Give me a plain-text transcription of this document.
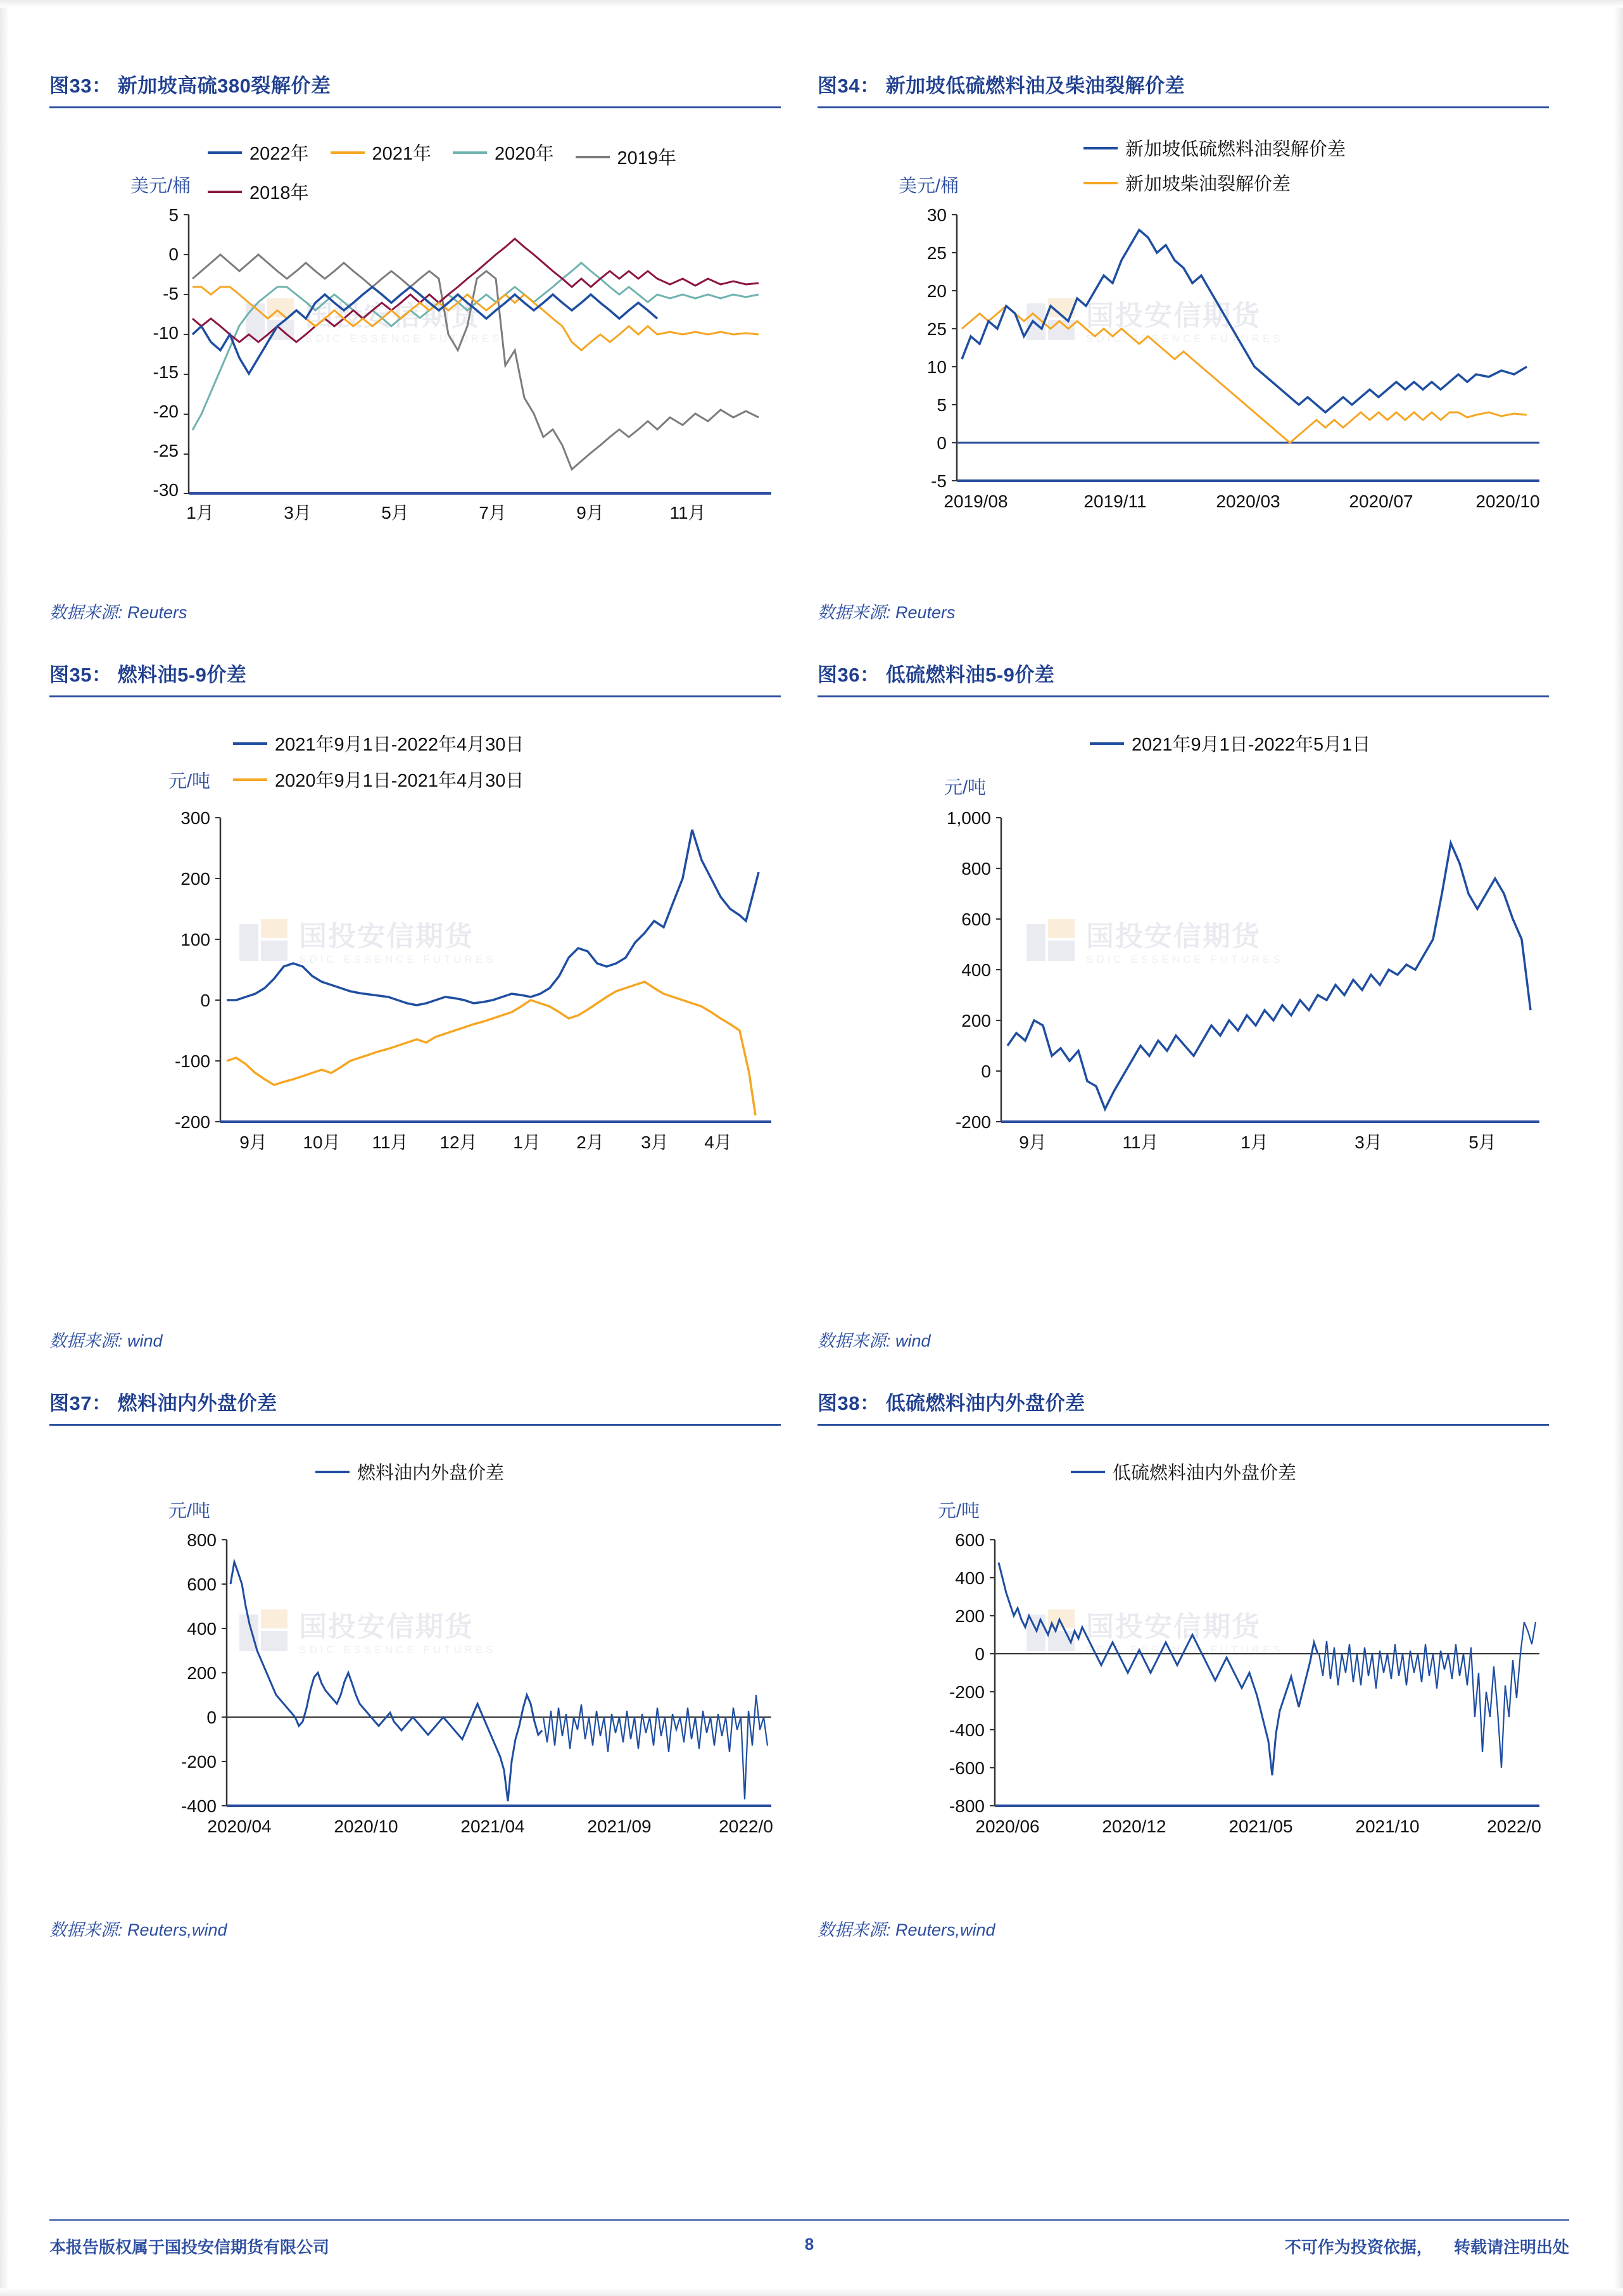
图33： 新加坡高硫380裂解价差
2022年	2021年	2020年	2019年
2018年
美元/桶
国投安信期货
SDIC ESSENCE FUTURES
5
0
-5
-10
-15
-20
-25
-30
1月	3月	5月	7月	9月	11月
数据来源: Reuters
图34： 新加坡低硫燃料油及柴油裂解价差
新加坡低硫燃料油裂解价差
新加坡柴油裂解价差
美元/桶
国投安信期货
SDIC ESSENCE FUTURES
30
25
20
25
10
5
0
-5
2019/08	2019/11	2020/03	2020/07	2020/10
数据来源: Reuters
图35： 燃料油5-9价差
2021年9月1日-2022年4月30日
2020年9月1日-2021年4月30日
元/吨
国投安信期货
SDIC ESSENCE FUTURES
300
200
100
0
-100
-200
9月 10月 11月 12月 1月 2月 3月 4月
数据来源: wind
图36： 低硫燃料油5-9价差
2021年9月1日-2022年5月1日
元/吨
国投安信期货
SDIC ESSENCE FUTURES
1,000
800
600
400
200
0
-200
9月	11月	1月	3月	5月
数据来源: wind
图37： 燃料油内外盘价差
燃料油内外盘价差
元/吨
国投安信期货
SDIC ESSENCE FUTURES
800
600
400
200
0
-200
-400
2020/04	2020/10	2021/04	2021/09	2022/0
数据来源: Reuters,wind
图38： 低硫燃料油内外盘价差
低硫燃料油内外盘价差
元/吨
国投安信期货
SDIC ESSENCE FUTURES
600
400
200
0
-200
-400
-600
-800
2020/06	2020/12	2021/05	2021/10	2022/0
数据来源: Reuters,wind
本报告版权属于国投安信期货有限公司	8	不可作为投资依据， 转载请注明出处
